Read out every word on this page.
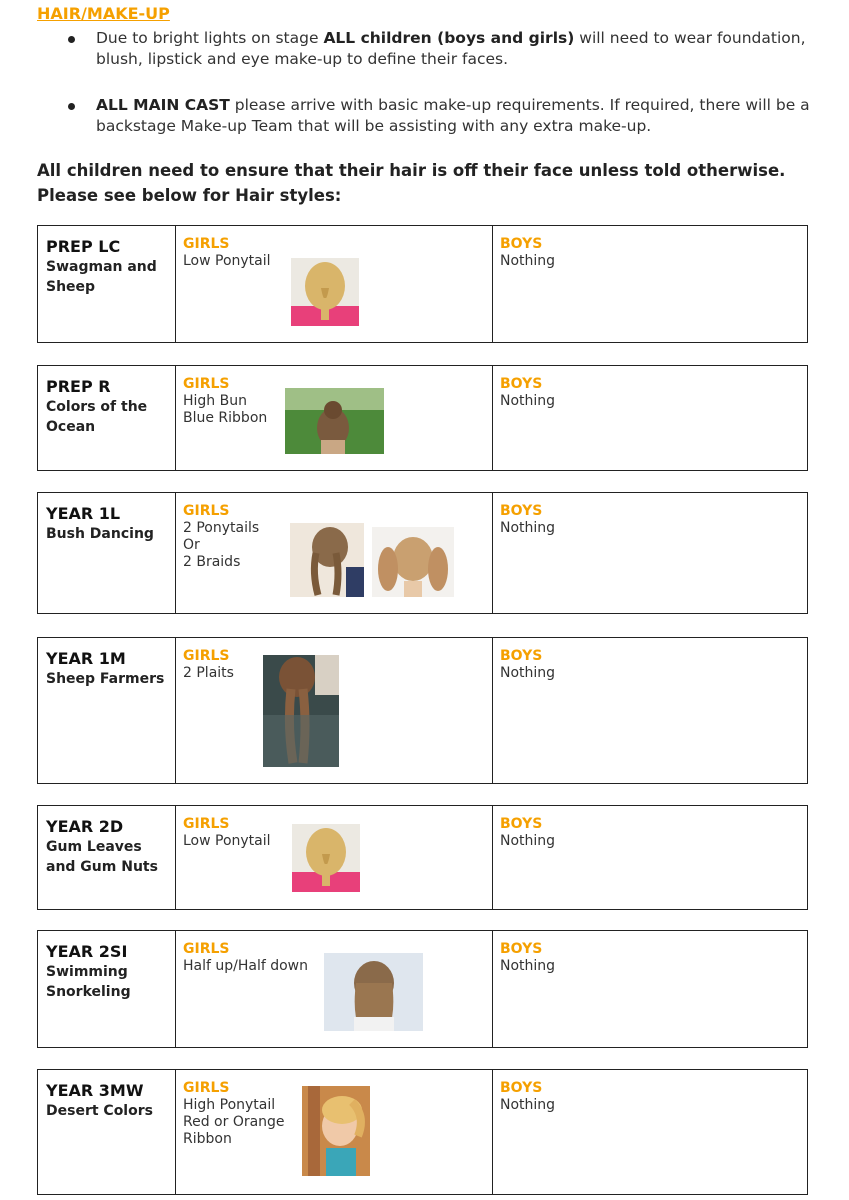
HAIR/MAKE-UP
Due to bright lights on stage ALL children (boys and girls) will need to wear foundation, blush, lipstick and eye make-up to define their faces.
ALL MAIN CAST please arrive with basic make-up requirements. If required, there will be a backstage Make-up Team that will be assisting with any extra make-up.
All children need to ensure that their hair is off their face unless told otherwise. Please see below for Hair styles:
PREP LC
Swagman and Sheep
GIRLS
Low Ponytail
BOYS
Nothing
PREP R
Colors of the Ocean
GIRLS
High Bun
Blue Ribbon
BOYS
Nothing
YEAR 1L
Bush Dancing
GIRLS
2 Ponytails
Or
2 Braids
BOYS
Nothing
YEAR 1M
Sheep Farmers
GIRLS
2 Plaits
BOYS
Nothing
YEAR 2D
Gum Leaves and Gum Nuts
GIRLS
Low Ponytail
BOYS
Nothing
YEAR 2SI
Swimming Snorkeling
GIRLS
Half up/Half down
BOYS
Nothing
YEAR 3MW
Desert Colors
GIRLS
High Ponytail
Red or Orange
Ribbon
BOYS
Nothing
